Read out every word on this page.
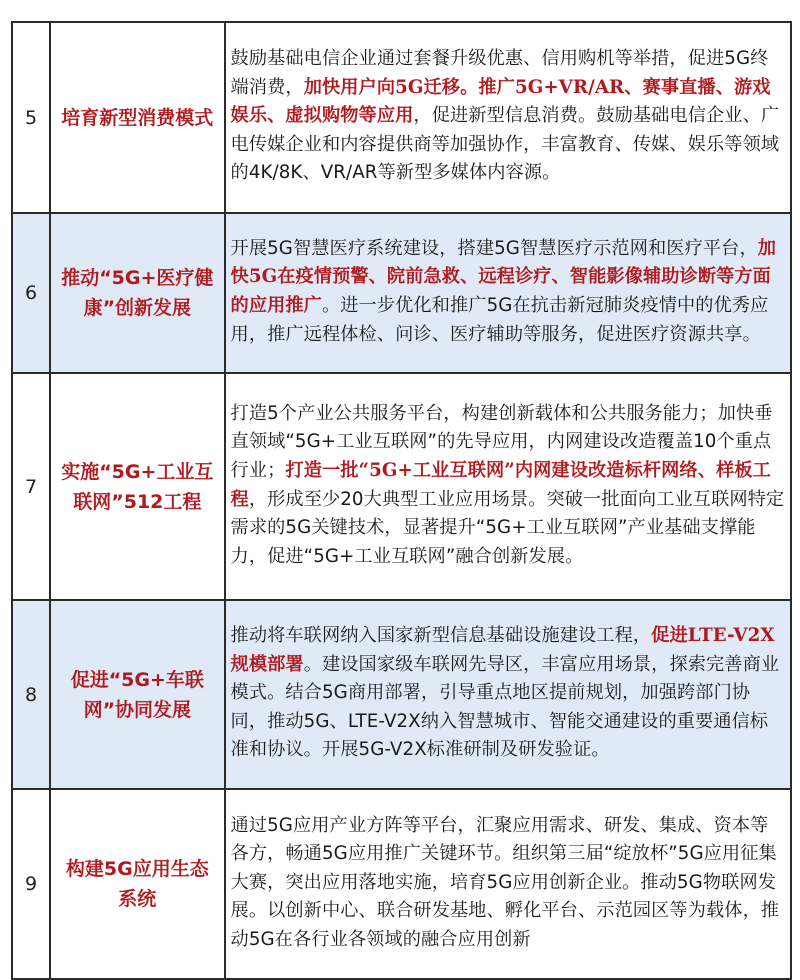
5	培育新型消费模式	鼓励基础电信企业通过套餐升级优惠、信用购机等举措，促进5G终端消费，加快用户向5G迁移。推广5G+VR/AR、赛事直播、游戏娱乐、虚拟购物等应用，促进新型信息消费。鼓励基础电信企业、广电传媒企业和内容提供商等加强协作，丰富教育、传媒、娱乐等领域的4K/8K、VR/AR等新型多媒体内容源。
6	推动“5G+医疗健康”创新发展	开展5G智慧医疗系统建设，搭建5G智慧医疗示范网和医疗平台，加快5G在疫情预警、院前急救、远程诊疗、智能影像辅助诊断等方面的应用推广。进一步优化和推广5G在抗击新冠肺炎疫情中的优秀应用，推广远程体检、问诊、医疗辅助等服务，促进医疗资源共享。
7	实施“5G+工业互联网”512工程	打造5个产业公共服务平台，构建创新载体和公共服务能力；加快垂直领域“5G+工业互联网”的先导应用，内网建设改造覆盖10个重点行业；打造一批“5G+工业互联网”内网建设改造标杆网络、样板工程，形成至少20大典型工业应用场景。突破一批面向工业互联网特定需求的5G关键技术，显著提升“5G+工业互联网”产业基础支撑能力，促进“5G+工业互联网”融合创新发展。
8	促进“5G+车联网”协同发展	推动将车联网纳入国家新型信息基础设施建设工程，促进LTE-V2X规模部署。建设国家级车联网先导区，丰富应用场景，探索完善商业模式。结合5G商用部署，引导重点地区提前规划，加强跨部门协同，推动5G、LTE-V2X纳入智慧城市、智能交通建设的重要通信标准和协议。开展5G-V2X标准研制及研发验证。
9	构建5G应用生态系统	通过5G应用产业方阵等平台，汇聚应用需求、研发、集成、资本等各方，畅通5G应用推广关键环节。组织第三届“绽放杯”5G应用征集大赛，突出应用落地实施，培育5G应用创新企业。推动5G物联网发展。以创新中心、联合研发基地、孵化平台、示范园区等为载体，推动5G在各行业各领域的融合应用创新
